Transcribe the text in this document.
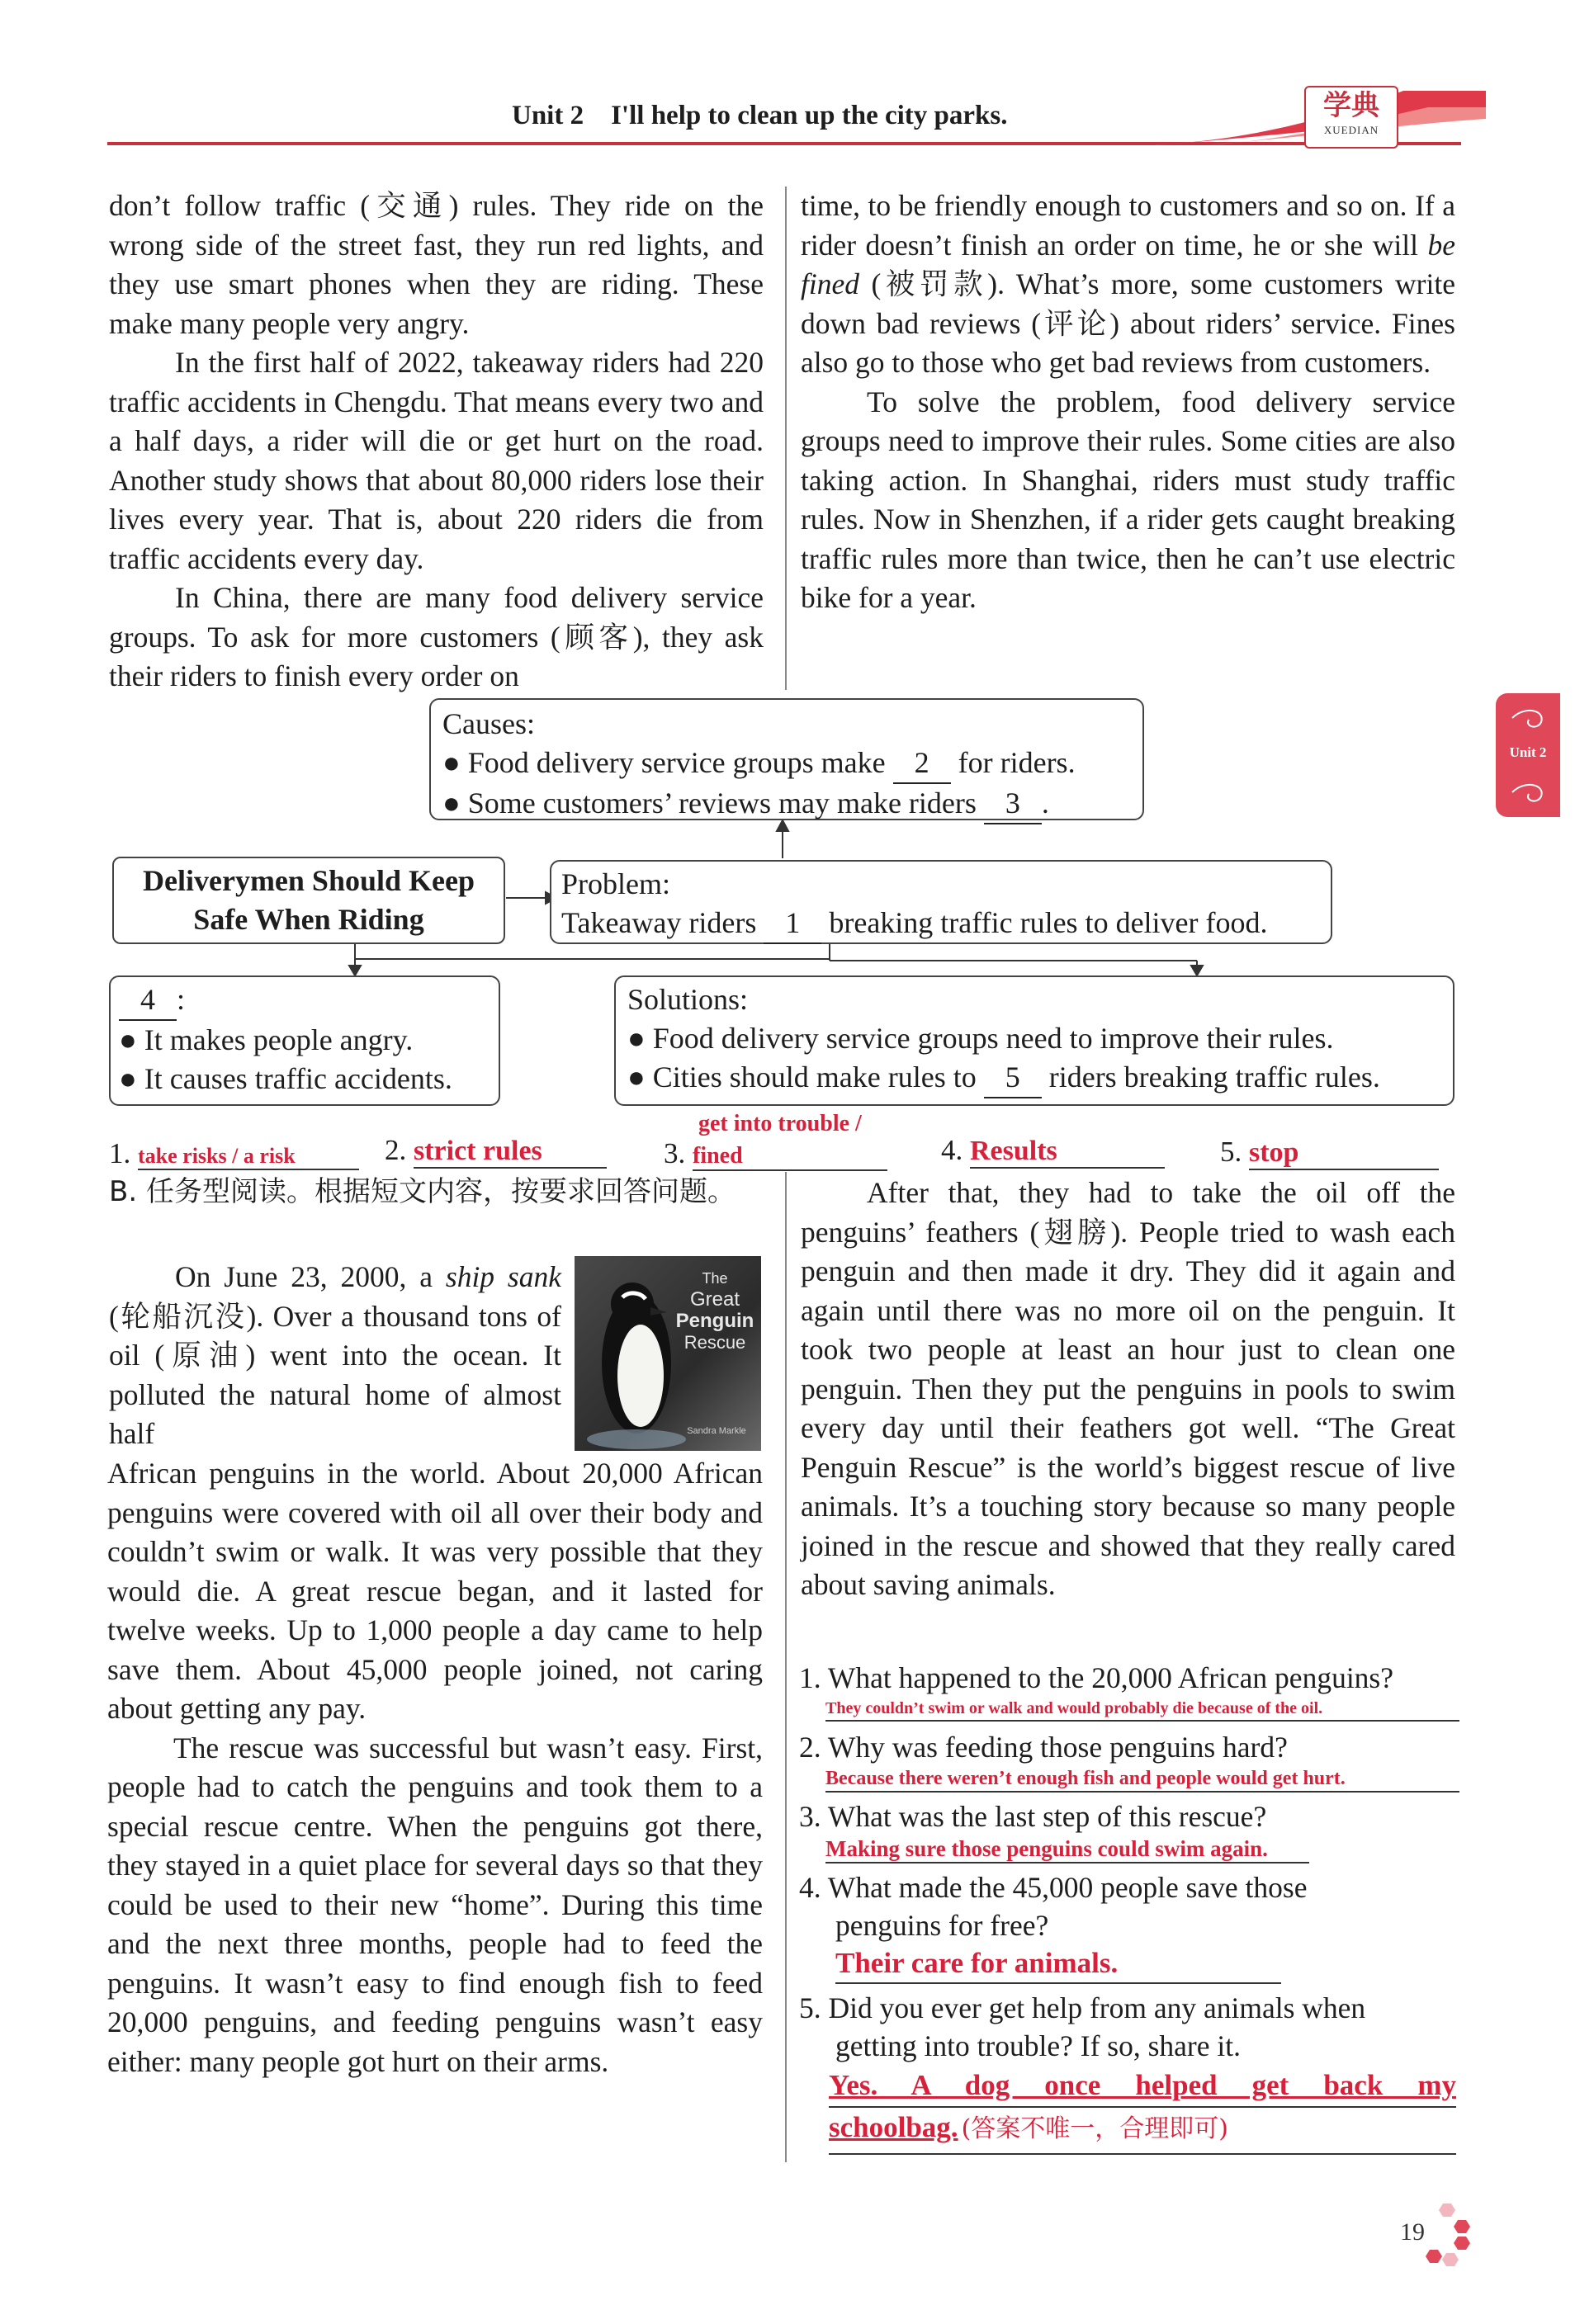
Unit 2    I'll help to clean up the city parks.	学典
XUEDIAN
Unit 2

don’t follow traffic (交通) rules. They ride on the wrong side of the street fast, they run red lights, and they use smart phones when they are riding. These make many people very angry.

In the first half of 2022, takeaway riders had 220 traffic accidents in Chengdu. That means every two and a half days, a rider will die or get hurt on the road. Another study shows that about 80,000 riders lose their lives every year. That is, about 220 riders die from traffic accidents every day.

In China, there are many food delivery service groups. To ask for more customers (顾客), they ask their riders to finish every order on

time, to be friendly enough to customers and so on. If a rider doesn’t finish an order on time, he or she will be fined (被罚款). What’s more, some customers write down bad reviews (评论) about riders’ service. Fines also go to those who get bad reviews from customers.

To solve the problem, food delivery service groups need to improve their rules. Some cities are also taking action. In Shanghai, riders must study traffic rules. Now in Shenzhen, if a rider gets caught breaking traffic rules more than twice, then he can’t use electric bike for a year.

Causes:
● Food delivery service groups make 2 for riders.
● Some customers’ reviews may make riders 3 .
Deliverymen Should Keep
Safe When Riding
Problem:
Takeaway riders 1 breaking traffic rules to deliver food.
4 :
● It makes people angry.
● It causes traffic accidents.
Solutions:
● Food delivery service groups need to improve their rules.
● Cities should make rules to 5 riders breaking traffic rules.
1. take risks / a risk	2. strict rules
get into trouble /
3. fined	4. Results	5. stop
B. 任务型阅读。根据短文内容，按要求回答问题。
The
Great
Penguin
Rescue
Sandra Markle

On June 23, 2000, a ship sank (轮船沉没). Over a thousand tons of oil (原油) went into the ocean. It polluted the natural home of almost half

African penguins in the world. About 20,000 African penguins were covered with oil all over their body and couldn’t swim or walk. It was very possible that they would die. A great rescue began, and it lasted for twelve weeks. Up to 1,000 people a day came to help save them. About 45,000 people joined, not caring about getting any pay.

The rescue was successful but wasn’t easy. First, people had to catch the penguins and took them to a special rescue centre. When the penguins got there, they stayed in a quiet place for several days so that they could be used to their new “home”. During this time and the next three months, people had to feed the penguins. It wasn’t easy to find enough fish to feed 20,000 penguins, and feeding penguins wasn’t easy either: many people got hurt on their arms.

After that, they had to take the oil off the penguins’ feathers (翅膀). People tried to wash each penguin and then made it dry. They did it again and again until there was no more oil on the penguin. It took two people at least an hour just to clean one penguin. Then they put the penguins in pools to swim every day until their feathers got well. “The Great Penguin Rescue” is the world’s biggest rescue of live animals. It’s a touching story because so many people joined in the rescue and showed that they really cared about saving animals.

1. What happened to the 20,000 African penguins?

They couldn’t swim or walk and would probably die because of the oil.

2. Why was feeding those penguins hard?

Because there weren’t enough fish and people would get hurt.

3. What was the last step of this rescue?

Making sure those penguins could swim again.

4. What made the 45,000 people save those

penguins for free?

Their care for animals.

5. Did you ever get help from any animals when

getting into trouble? If so, share it.

Yes. A dog once helped get back my
schoolbag. (答案不唯一，合理即可)
19
